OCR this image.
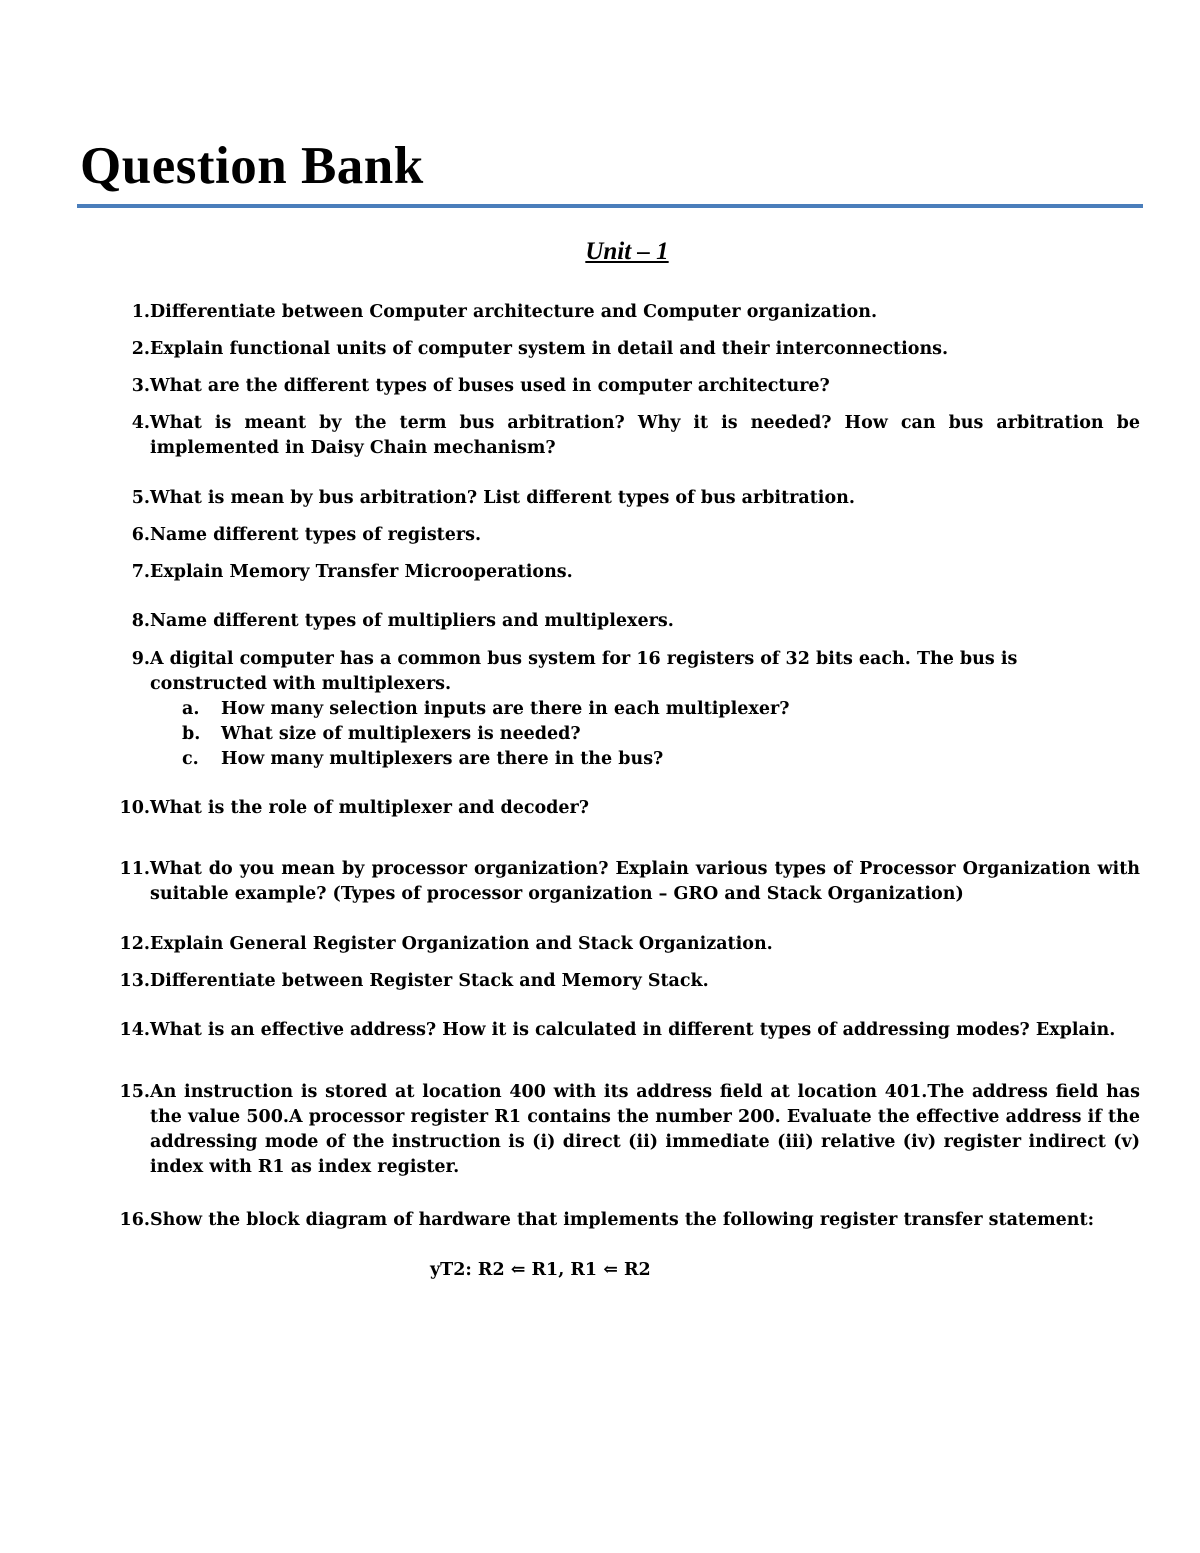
Question Bank
Unit – 1
1. Differentiate between Computer architecture and Computer organization.
2. Explain functional units of computer system in detail and their interconnections.
3. What are the different types of buses used in computer architecture?
4. What is meant by the term bus arbitration? Why it is needed? How can bus arbitration be implemented in Daisy Chain mechanism?
5. What is mean by bus arbitration? List different types of bus arbitration.
6. Name different types of registers.
7. Explain Memory Transfer Microoperations.
8. Name different types of multipliers and multiplexers.
9. A digital computer has a common bus system for 16 registers of 32 bits each. The bus is constructed with multiplexers.
a.	How many selection inputs are there in each multiplexer?
b.	What size of multiplexers is needed?
c.	How many multiplexers are there in the bus?
10. What is the role of multiplexer and decoder?
11. What do you mean by processor organization? Explain various types of Processor Organization with suitable example? (Types of processor organization – GRO and Stack Organization)
12. Explain General Register Organization and Stack Organization.
13. Differentiate between Register Stack and Memory Stack.
14. What is an effective address? How it is calculated in different types of addressing modes? Explain.
15. An instruction is stored at location 400 with its address field at location 401.The address field has the value 500.A processor register R1 contains the number 200. Evaluate the effective address if the addressing mode of the instruction is (i) direct (ii) immediate (iii) relative (iv) register indirect (v) index with R1 as index register.
16. Show the block diagram of hardware that implements the following register transfer statement:
yT2: R2 ⇐ R1, R1 ⇐ R2
